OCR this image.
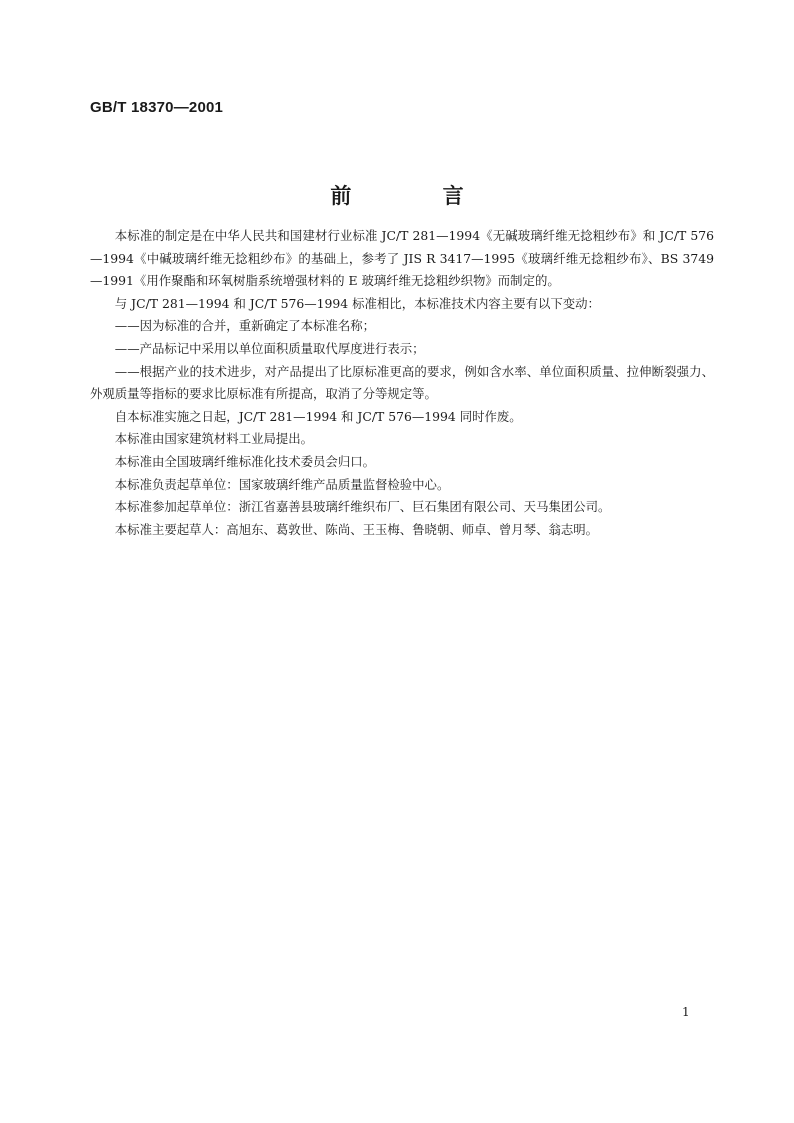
GB/T 18370—2001
前 言

本标准的制定是在中华人民共和国建材行业标准 JC/T 281—1994《无碱玻璃纤维无捻粗纱布》和 JC/T 576—1994《中碱玻璃纤维无捻粗纱布》的基础上，参考了 JIS R 3417—1995《玻璃纤维无捻粗纱布》、BS 3749—1991《用作聚酯和环氧树脂系统增强材料的 E 玻璃纤维无捻粗纱织物》而制定的。

与 JC/T 281—1994 和 JC/T 576—1994 标准相比，本标准技术内容主要有以下变动：

——因为标准的合并，重新确定了本标准名称；

——产品标记中采用以单位面积质量取代厚度进行表示；

——根据产业的技术进步，对产品提出了比原标准更高的要求，例如含水率、单位面积质量、拉伸断裂强力、外观质量等指标的要求比原标准有所提高，取消了分等规定等。

自本标准实施之日起，JC/T 281—1994 和 JC/T 576—1994 同时作废。

本标准由国家建筑材料工业局提出。

本标准由全国玻璃纤维标准化技术委员会归口。

本标准负责起草单位：国家玻璃纤维产品质量监督检验中心。

本标准参加起草单位：浙江省嘉善县玻璃纤维织布厂、巨石集团有限公司、天马集团公司。

本标准主要起草人：高旭东、葛敦世、陈尚、王玉梅、鲁晓朝、师卓、曾月琴、翁志明。

1
